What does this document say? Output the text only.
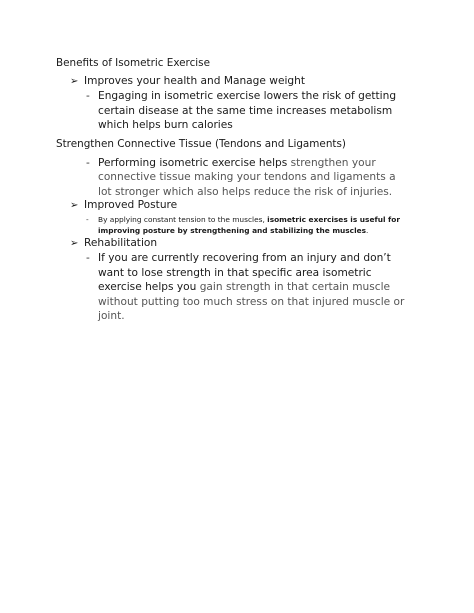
Benefits of Isometric Exercise
➢ Improves your health and Manage weight
- Engaging in isometric exercise lowers the risk of getting
certain disease at the same time increases metabolism
which helps burn calories
Strengthen Connective Tissue (Tendons and Ligaments)
- Performing isometric exercise helps strengthen your
connective tissue making your tendons and ligaments a
lot stronger which also helps reduce the risk of injuries.
➢ Improved Posture
- By applying constant tension to the muscles, isometric exercises is useful for
improving posture by strengthening and stabilizing the muscles.
➢ Rehabilitation
- If you are currently recovering from an injury and don’t
want to lose strength in that specific area isometric
exercise helps you gain strength in that certain muscle
without putting too much stress on that injured muscle or
joint.
